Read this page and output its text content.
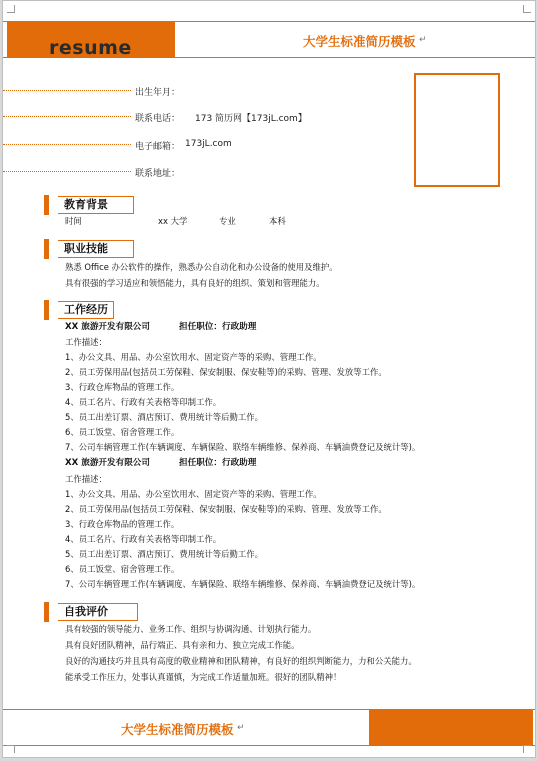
resume	大学生标准简历模板 ↵
出生年月：
联系电话： 173 简历网【173jL.com】
电子邮箱： 173jL.com
联系地址：
教育背景
时间	xx 大学	专业	本科
职业技能
熟悉 Office 办公软件的操作，熟悉办公自动化和办公设备的使用及维护。
具有很强的学习适应和领悟能力，具有良好的组织、策划和管理能力。
工作经历
XX 旅游开发有限公司	担任职位：行政助理
工作描述：
1、办公文具、用品、办公室饮用水、固定资产等的采购、管理工作。
2、员工劳保用品(包括员工劳保鞋、保安制服、保安鞋等)的采购、管理、发放等工作。
3、行政仓库物品的管理工作。
4、员工名片、行政有关表格等印制工作。
5、员工出差订票、酒店预订、费用统计等后勤工作。
6、员工饭堂、宿舍管理工作。
7、公司车辆管理工作(车辆调度、车辆保险、联络车辆维修、保养商、车辆油费登记及统计等)。
XX 旅游开发有限公司	担任职位：行政助理
工作描述：
1、办公文具、用品、办公室饮用水、固定资产等的采购、管理工作。
2、员工劳保用品(包括员工劳保鞋、保安制服、保安鞋等)的采购、管理、发放等工作。
3、行政仓库物品的管理工作。
4、员工名片、行政有关表格等印制工作。
5、员工出差订票、酒店预订、费用统计等后勤工作。
6、员工饭堂、宿舍管理工作。
7、公司车辆管理工作(车辆调度、车辆保险、联络车辆维修、保养商、车辆油费登记及统计等)。
自我评价
具有较强的领导能力、业务工作、组织与协调沟通、计划执行能力。
具有良好团队精神，品行端正、具有亲和力、独立完成工作能。
良好的沟通技巧并且具有高度的敬业精神和团队精神，有良好的组织判断能力，力和公关能力。
能承受工作压力，处事认真谨慎，为完成工作适量加班。很好的团队精神！
大学生标准简历模板 ↵
